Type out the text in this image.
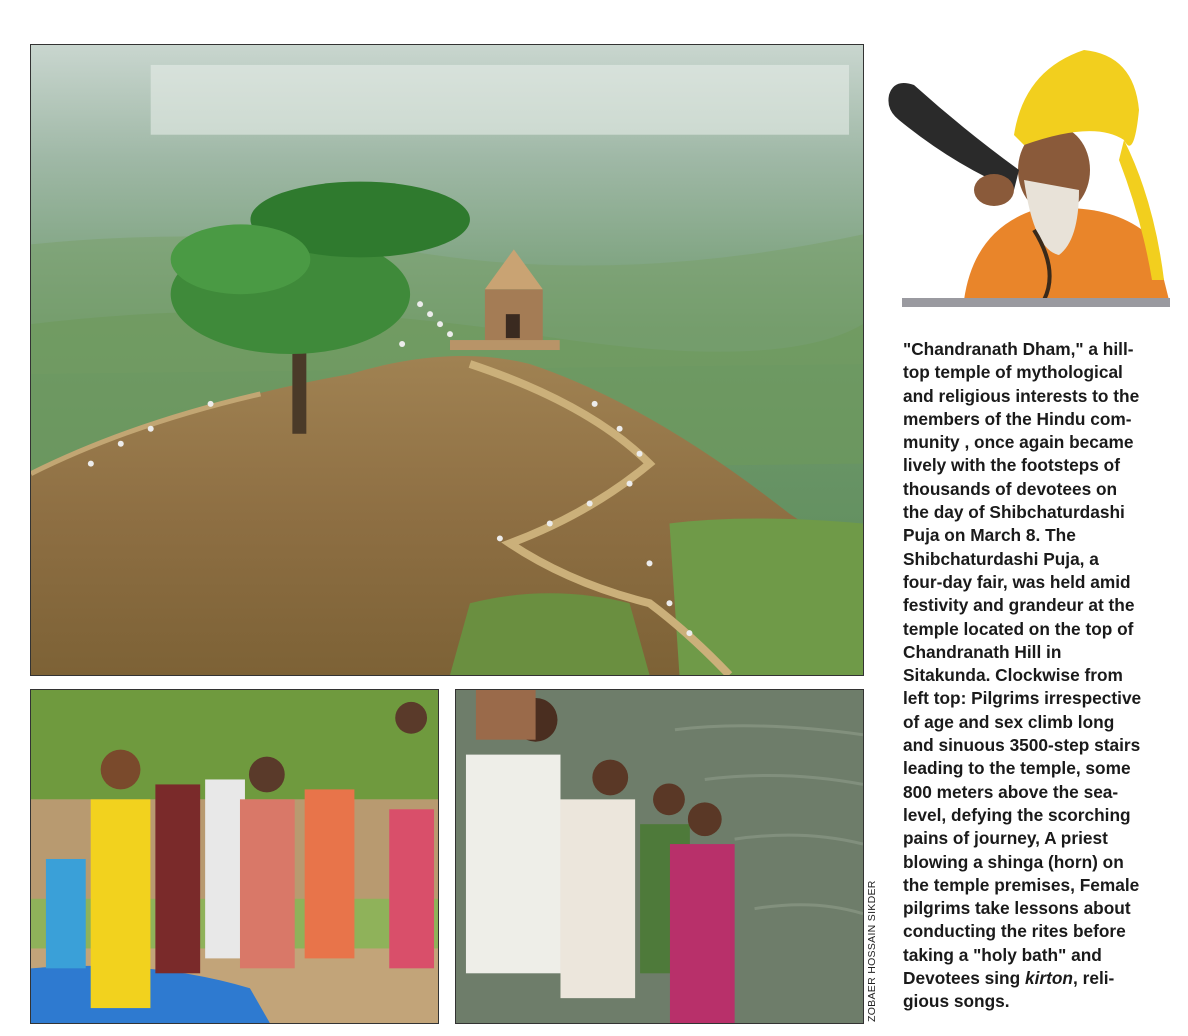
ZOBAER HOSSAIN SIKDER
"Chandranath Dham," a hill-
top temple of mythological
and religious interests to the
members of the Hindu com-
munity , once again became
lively with the footsteps of
thousands of devotees on
the day of Shibchaturdashi
Puja on March 8. The
Shibchaturdashi Puja, a
four-day fair, was held amid
festivity and grandeur at the
temple located on the top of
Chandranath Hill in
Sitakunda. Clockwise from
left top: Pilgrims irrespective
of age and sex climb long
and sinuous 3500-step stairs
leading to the temple, some
800 meters above the sea-
level, defying the scorching
pains of journey, A priest
blowing a shinga (horn) on
the temple premises, Female
pilgrims take lessons about
conducting the rites before
taking a "holy bath" and
Devotees sing kirton, reli-
gious songs.
